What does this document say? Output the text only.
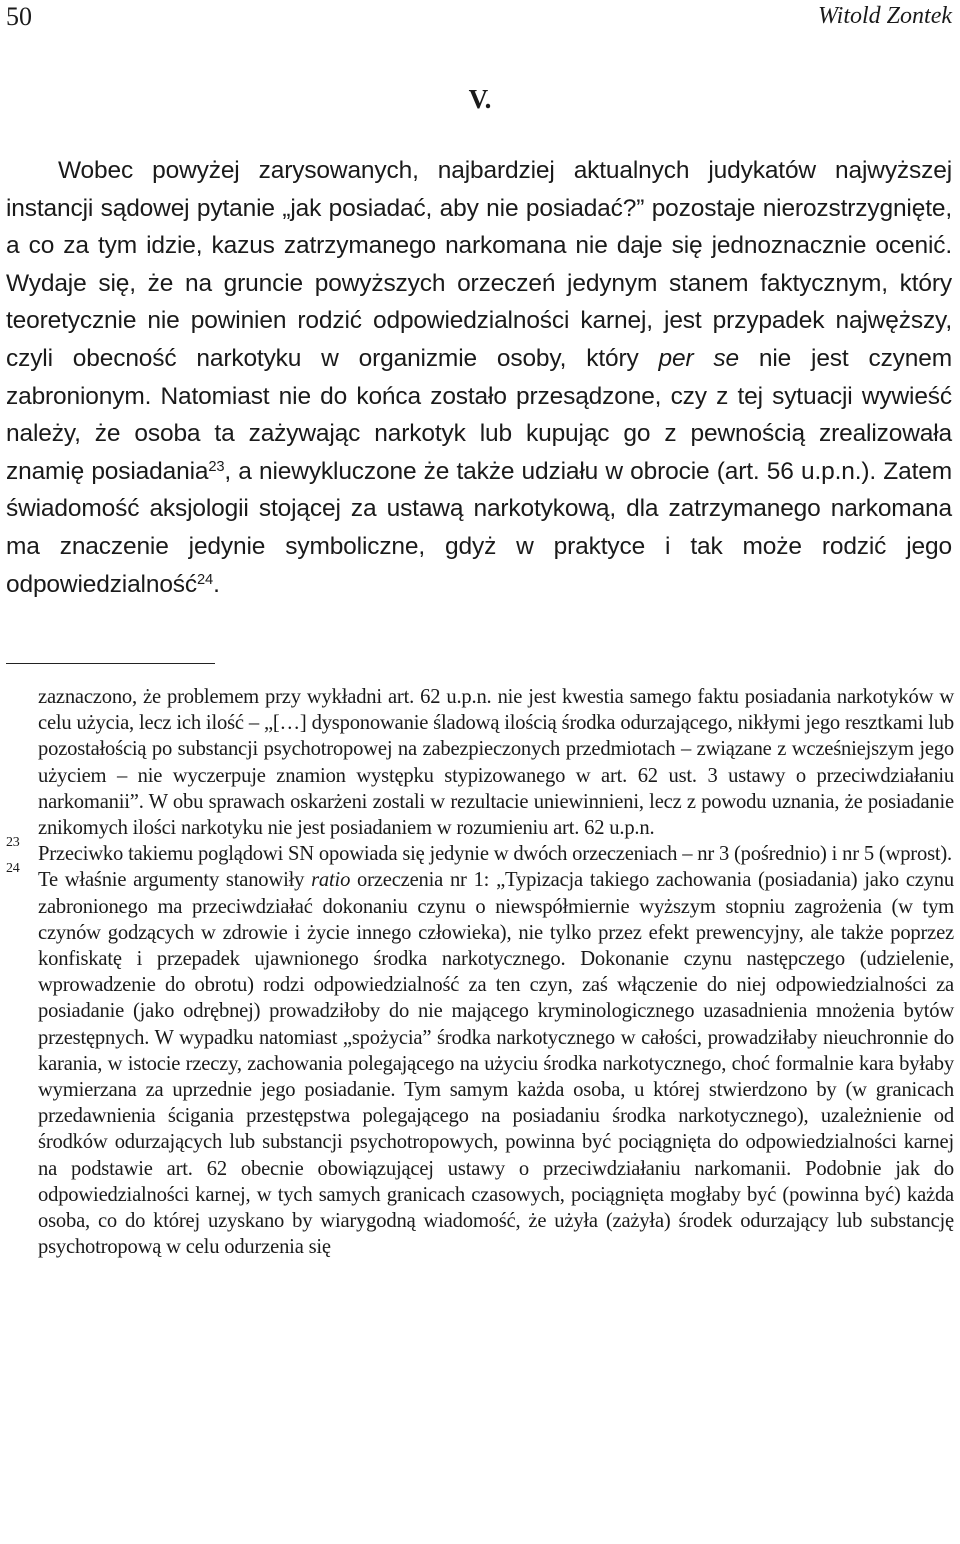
50	Witold Zontek
V.

Wobec powyżej zarysowanych, najbardziej aktualnych judykatów najwyższej instancji sądowej pytanie „jak posiadać, aby nie posiadać?” pozostaje nierozstrzygnięte, a co za tym idzie, kazus zatrzymanego narkomana nie daje się jednoznacznie ocenić. Wydaje się, że na gruncie powyższych orzeczeń jedynym stanem faktycznym, który teoretycznie nie powinien rodzić odpowiedzialności karnej, jest przypadek najwęższy, czyli obecność narkotyku w organizmie osoby, który per se nie jest czynem zabronionym. Natomiast nie do końca zostało przesądzone, czy z tej sytuacji wywieść należy, że osoba ta zażywając narkotyk lub kupując go z pewnością zrealizowała znamię posiadania$^{23}$, a niewykluczone że także udziału w obrocie (art. 56 u.p.n.). Zatem świadomość aksjologii stojącej za ustawą narkotykową, dla zatrzymanego narkomana ma znaczenie jedynie symboliczne, gdyż w praktyce i tak może rodzić jego odpowiedzialność$^{24}$.

zaznaczono, że problemem przy wykładni art. 62 u.p.n. nie jest kwestia samego faktu posiadania narkotyków w celu użycia, lecz ich ilość – „[…] dysponowanie śladową ilością środka odurzającego, nikłymi jego resztkami lub pozostałością po substancji psychotropowej na zabezpieczonych przedmiotach – związane z wcześniejszym jego użyciem – nie wyczerpuje znamion występku stypizowanego w art. 62 ust. 3 ustawy o przeciwdziałaniu narkomanii”. W obu sprawach oskarżeni zostali w rezultacie uniewinnieni, lecz z powodu uznania, że posiadanie znikomych ilości narkotyku nie jest posiadaniem w rozumieniu art. 62 u.p.n.

23
Przeciwko takiemu poglądowi SN opowiada się jedynie w dwóch orzeczeniach – nr 3 (pośrednio) i nr 5 (wprost).

24
Te właśnie argumenty stanowiły ratio orzeczenia nr 1: „Typizacja takiego zachowania (posiadania) jako czynu zabronionego ma przeciwdziałać dokonaniu czynu o niewspółmiernie wyższym stopniu zagrożenia (w tym czynów godzących w zdrowie i życie innego człowieka), nie tylko przez efekt prewencyjny, ale także poprzez konfiskatę i przepadek ujawnionego środka narkotycznego. Dokonanie czynu następczego (udzielenie, wprowadzenie do obrotu) rodzi odpowiedzialność za ten czyn, zaś włączenie do niej odpowiedzialności za posiadanie (jako odrębnej) prowadziłoby do nie mającego kryminologicznego uzasadnienia mnożenia bytów przestępnych. W wypadku natomiast „spożycia” środka narkotycznego w całości, prowadziłaby nieuchronnie do karania, w istocie rzeczy, zachowania polegającego na użyciu środka narkotycznego, choć formalnie kara byłaby wymierzana za uprzednie jego posiadanie. Tym samym każda osoba, u której stwierdzono by (w granicach przedawnienia ścigania przestępstwa polegającego na posiadaniu środka narkotycznego), uzależnienie od środków odurzających lub substancji psychotropowych, powinna być pociągnięta do odpowiedzialności karnej na podstawie art. 62 obecnie obowiązującej ustawy o przeciwdziałaniu narkomanii. Podobnie jak do odpowiedzialności karnej, w tych samych granicach czasowych, pociągnięta mogłaby być (powinna być) każda osoba, co do której uzyskano by wiarygodną wiadomość, że użyła (zażyła) środek odurzający lub substancję psychotropową w celu odurzenia się
